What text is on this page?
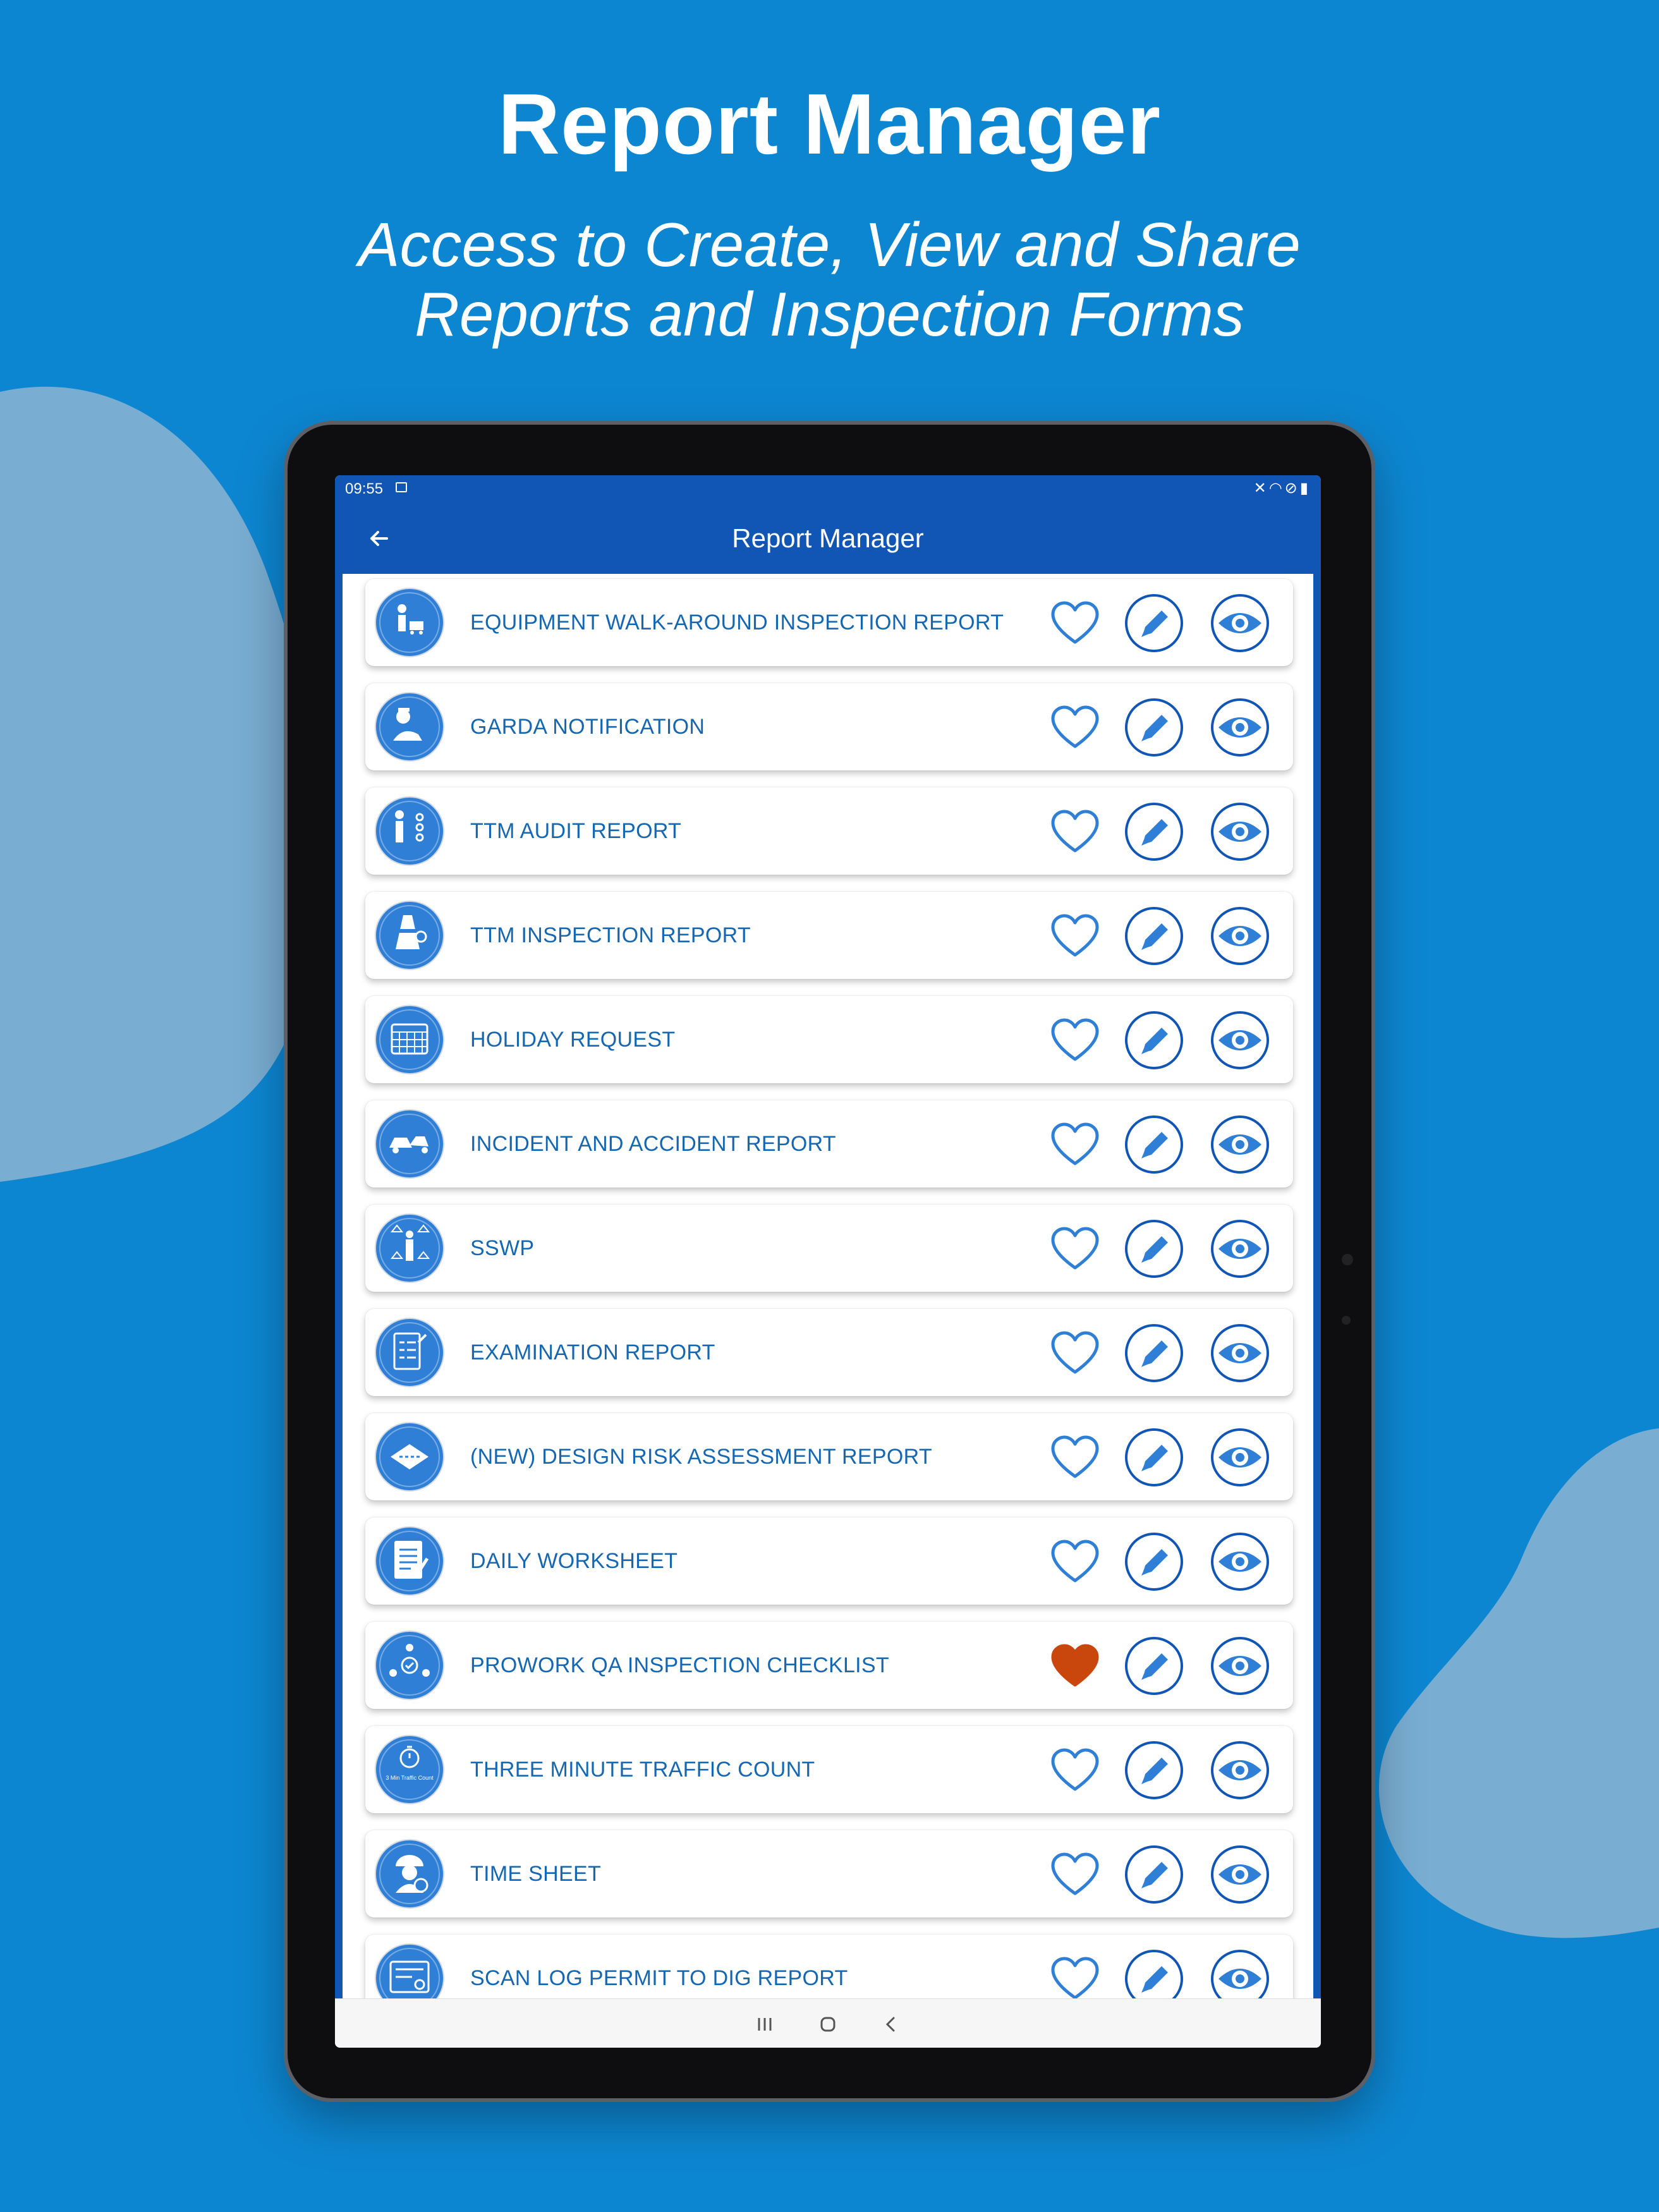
Report Manager

Access to Create, View and Share
Reports and Inspection Forms

09:55	✕◠⊘▮
Report Manager
EQUIPMENT WALK-AROUND INSPECTION REPORT
GARDA NOTIFICATION
TTM AUDIT REPORT
TTM INSPECTION REPORT
HOLIDAY REQUEST
INCIDENT AND ACCIDENT REPORT
SSWP
EXAMINATION REPORT
(NEW) DESIGN RISK ASSESSMENT REPORT
DAILY WORKSHEET
PROWORK QA INSPECTION CHECKLIST
3 Min Traffic Count THREE MINUTE TRAFFIC COUNT
TIME SHEET
SCAN LOG PERMIT TO DIG REPORT
